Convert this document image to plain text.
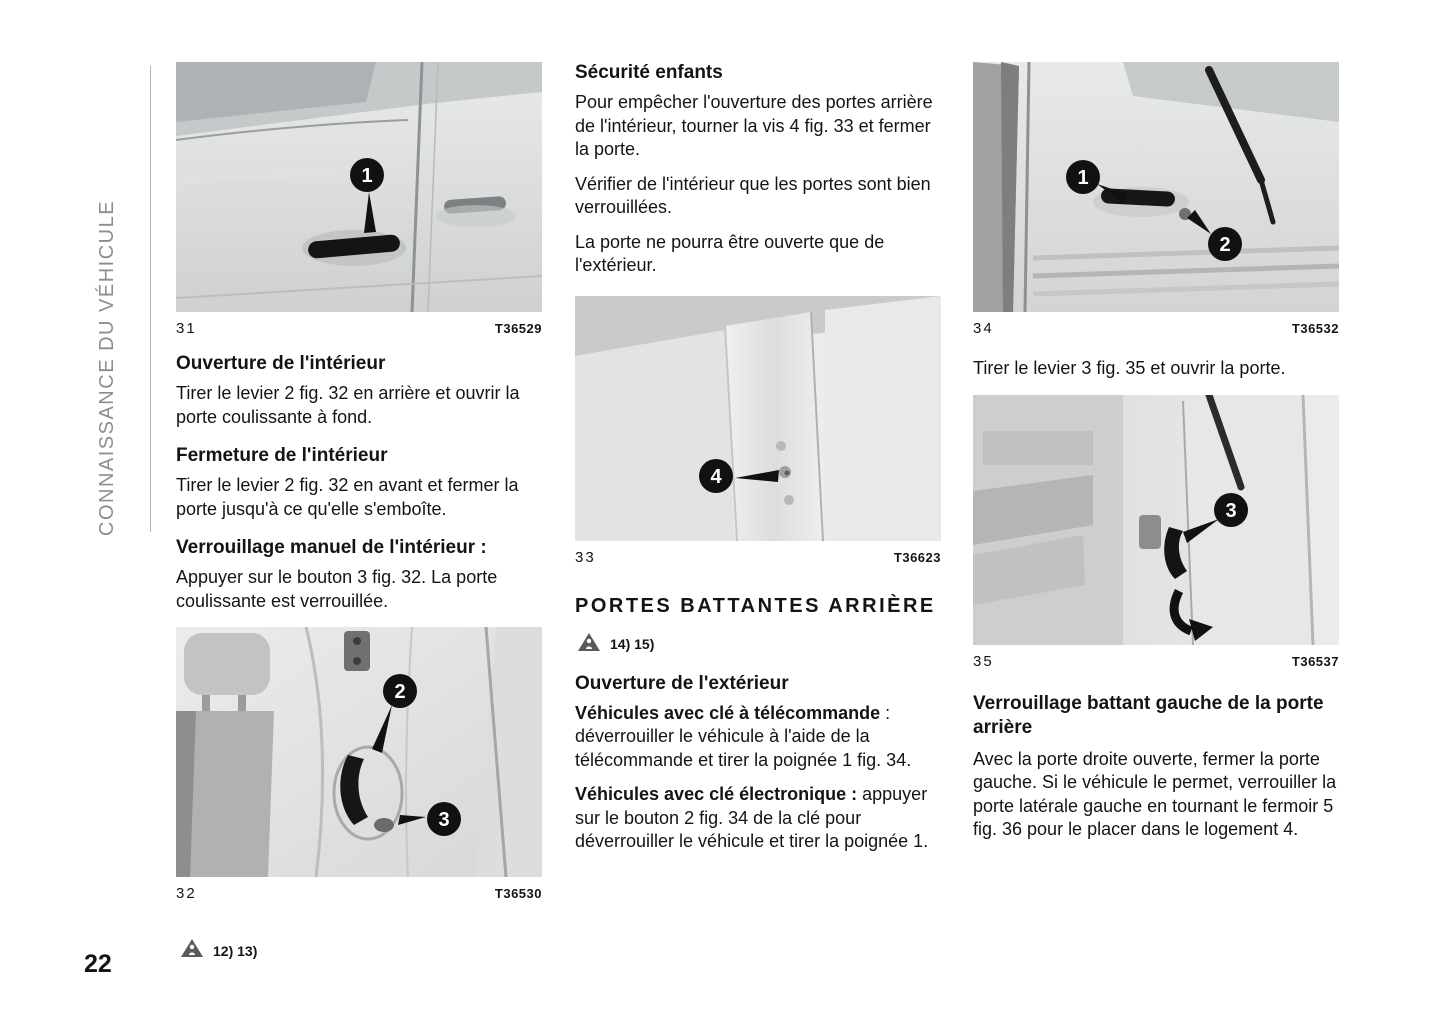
CONNAISSANCE DU VÉHICULE
22
1
31	T36529
Ouverture de l'intérieur

Tirer le levier 2 fig. 32 en arrière et ouvrir la porte coulissante à fond.

Fermeture de l'intérieur

Tirer le levier 2 fig. 32 en avant et fermer la porte jusqu'à ce qu'elle s'emboîte.

Verrouillage manuel de l'intérieur :

Appuyer sur le bouton 3 fig. 32. La porte coulissante est verrouillée.

2
3
32	T36530
12) 13)
Sécurité enfants

Pour empêcher l'ouverture des portes arrière de l'intérieur, tourner la vis 4 fig. 33 et fermer la porte.

Vérifier de l'intérieur que les portes sont bien verrouillées.

La porte ne pourra être ouverte que de l'extérieur.

4
33	T36623
PORTES BATTANTES ARRIÈRE
14) 15)
Ouverture de l'extérieur

Véhicules avec clé à télécommande : déverrouiller le véhicule à l'aide de la télécommande et tirer la poignée 1 fig. 34.

Véhicules avec clé électronique : appuyer sur le bouton 2 fig. 34 de la clé pour déverrouiller le véhicule et tirer la poignée 1.

1
2
34	T36532

Tirer le levier 3 fig. 35 et ouvrir la porte.

3
35	T36537
Verrouillage battant gauche de la porte arrière

Avec la porte droite ouverte, fermer la porte gauche. Si le véhicule le permet, verrouiller la porte latérale gauche en tournant le fermoir 5 fig. 36 pour le placer dans le logement 4.
